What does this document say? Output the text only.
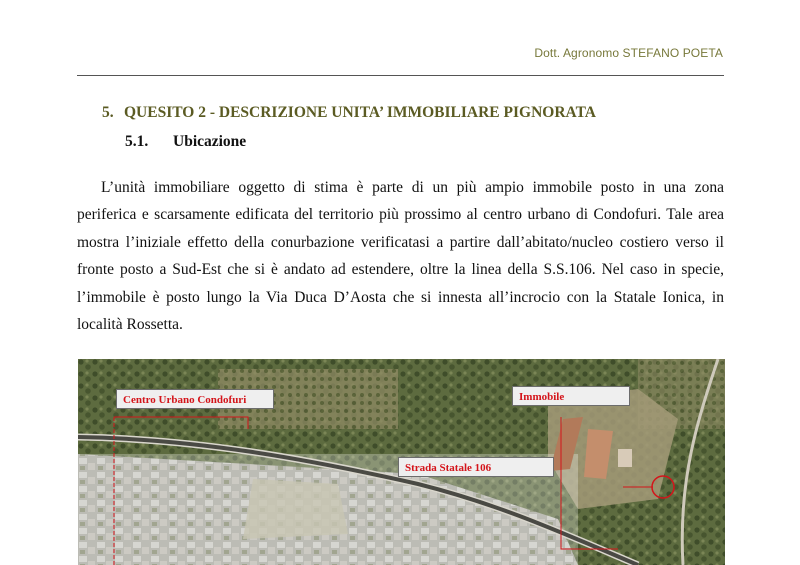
Dott. Agronomo STEFANO POETA
5. QUESITO 2 - DESCRIZIONE UNITA’ IMMOBILIARE PIGNORATA
5.1. Ubicazione

L’unità immobiliare oggetto di stima è parte di un più ampio immobile posto in una zona
periferica e scarsamente edificata del territorio più prossimo al centro urbano di Condofuri. Tale area
mostra l’iniziale effetto della conurbazione verificatasi a partire dall’abitato/nucleo costiero verso il
fronte posto a Sud-Est che si è andato ad estendere, oltre la linea della S.S.106. Nel caso in specie,
l’immobile è posto lungo la Via Duca D’Aosta che si innesta all’incrocio con la Statale Ionica, in
località Rossetta.

Centro Urbano Condofuri	Immobile
Strada Statale 106
